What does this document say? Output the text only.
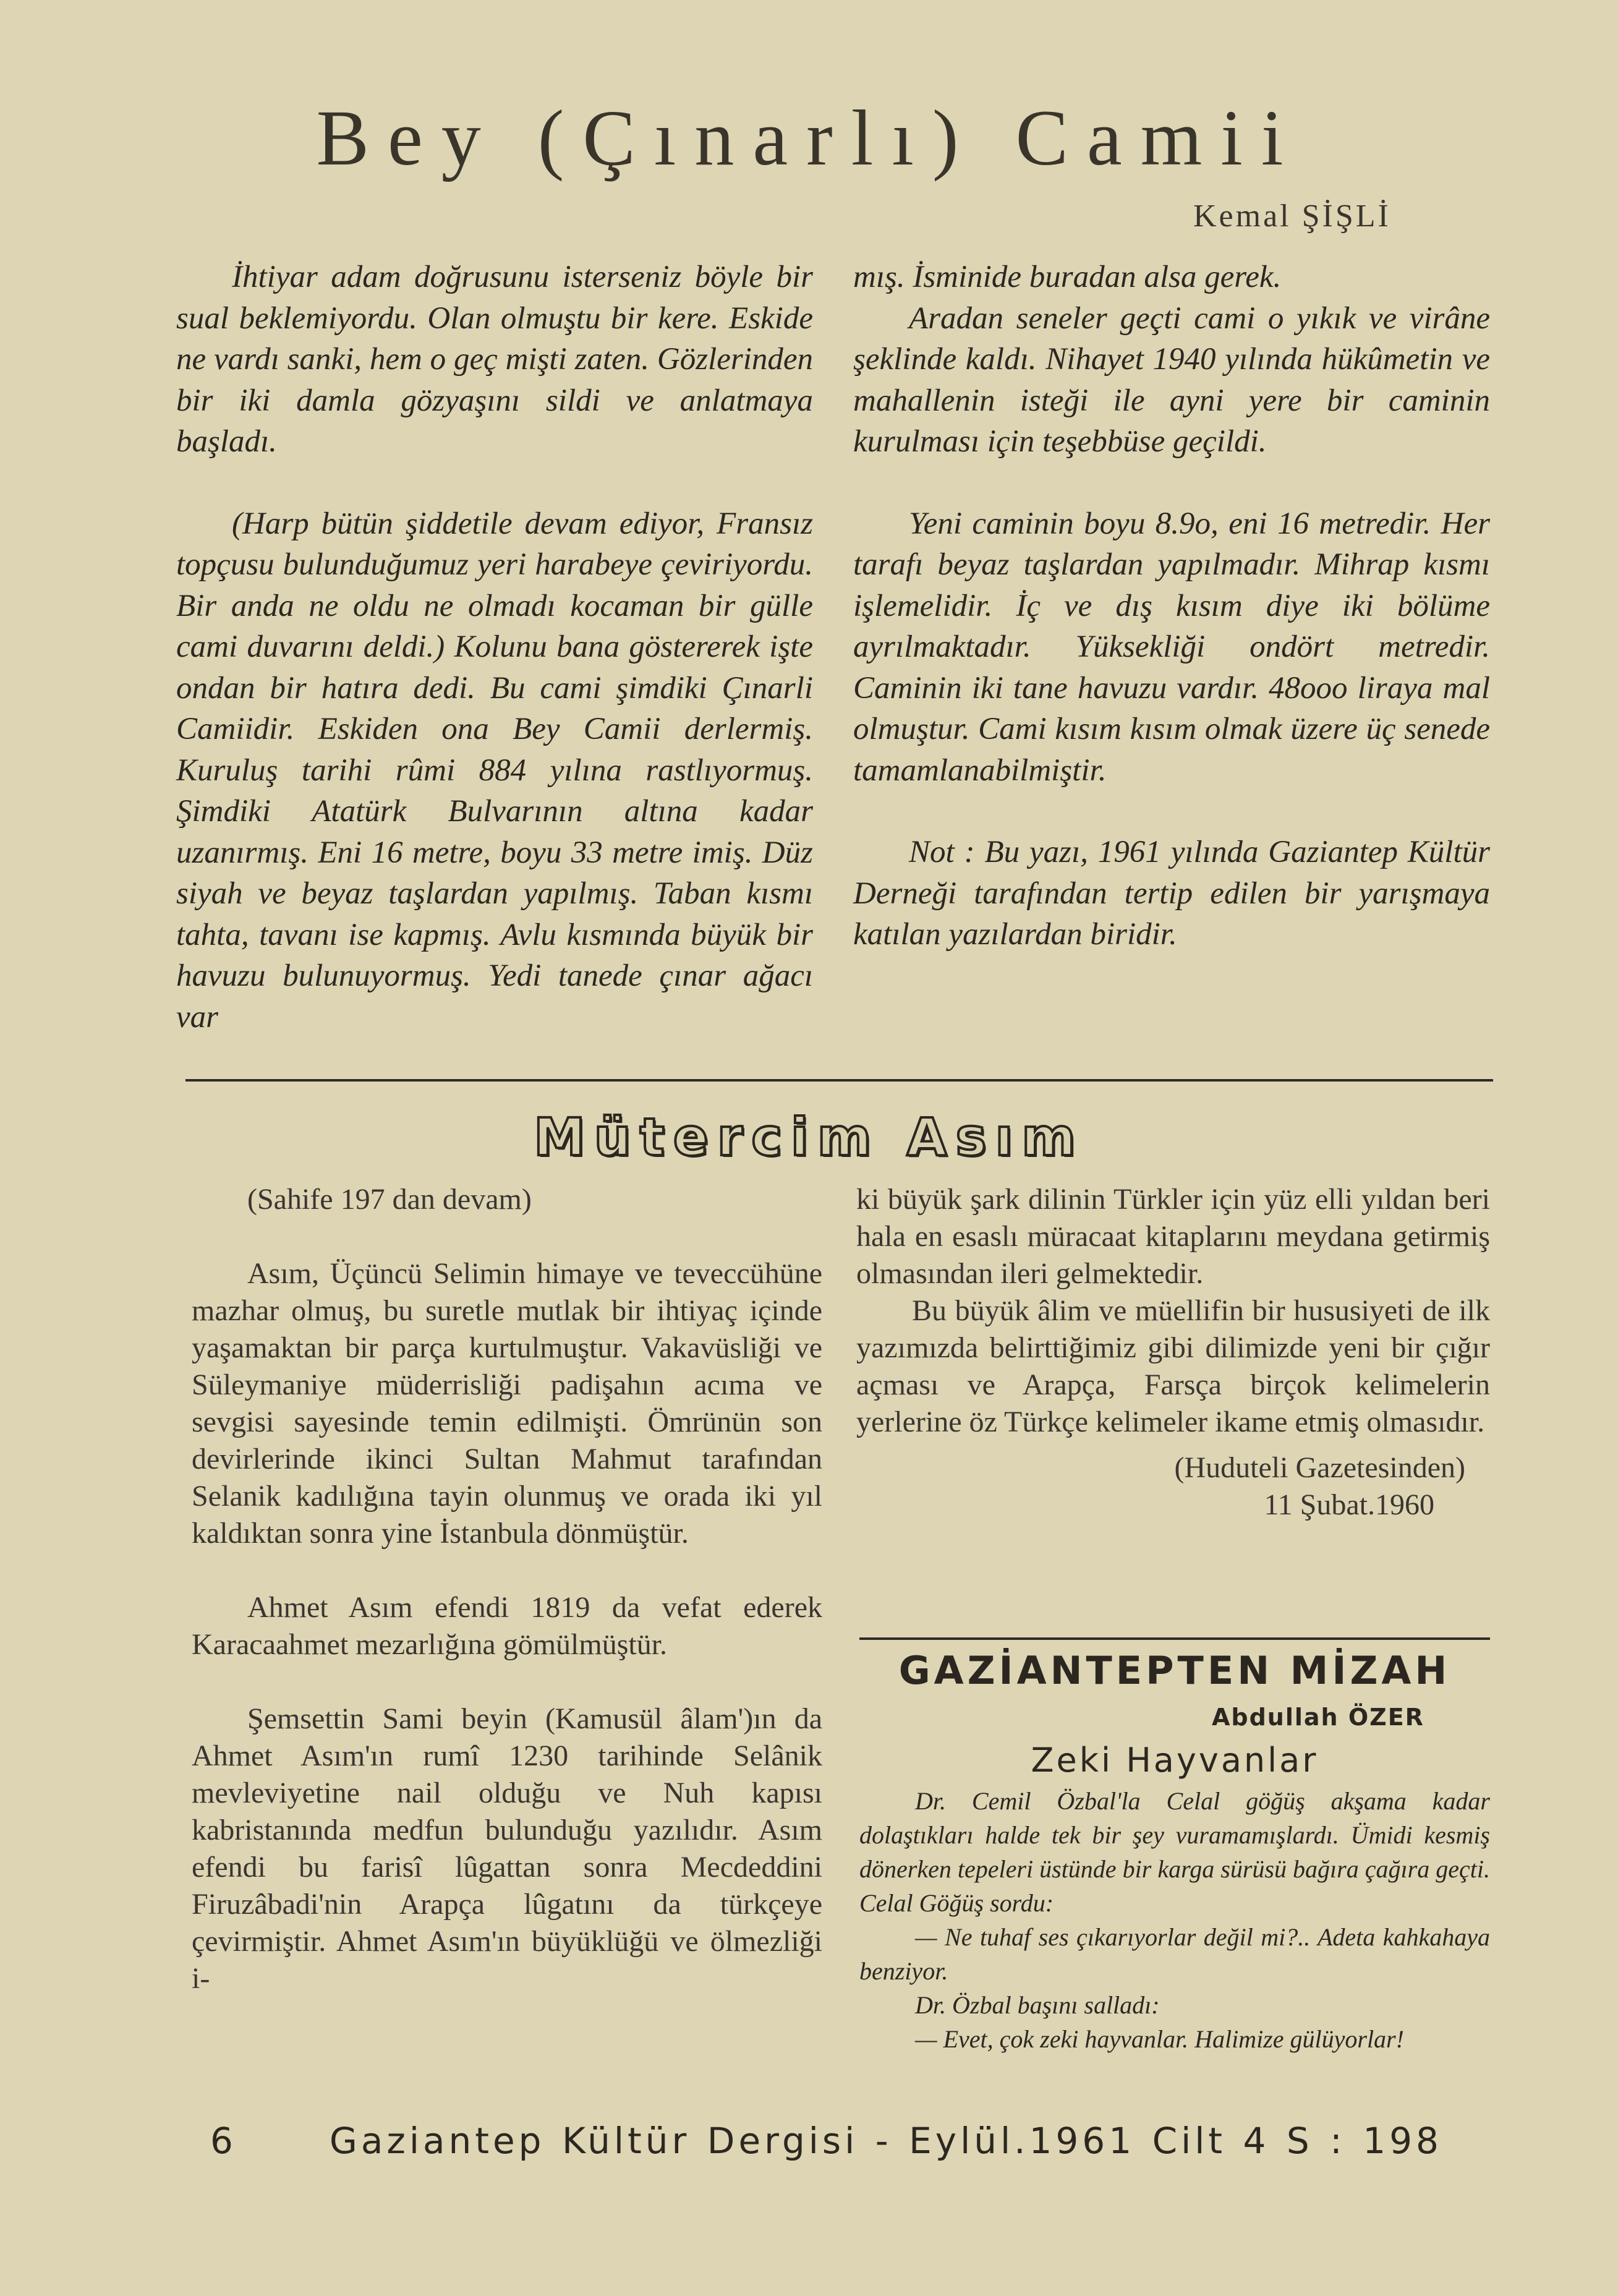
Bey (Çınarlı) Camii
Kemal ŞİŞLİ

İhtiyar adam doğrusunu isterseniz böyle bir sual beklemiyordu. Olan olmuştu bir kere. Eskide ne vardı sanki, hem o geç mişti zaten. Gözlerinden bir iki damla gözyaşını sildi ve anlatmaya başladı.

(Harp bütün şiddetile devam ediyor, Fransız topçusu bulunduğumuz yeri harabeye çeviriyordu. Bir anda ne oldu ne olmadı kocaman bir gülle cami duvarını deldi.) Kolunu bana göstererek işte ondan bir hatıra dedi. Bu cami şimdiki Çınarli Camiidir. Eskiden ona Bey Camii derlermiş. Kuruluş tarihi rûmi 884 yılına rastlıyormuş. Şimdiki Atatürk Bulvarının altına kadar uzanırmış. Eni 16 metre, boyu 33 metre imiş. Düz siyah ve beyaz taşlardan yapılmış. Taban kısmı tahta, tavanı ise kapmış. Avlu kısmında büyük bir havuzu bulunuyormuş. Yedi tanede çınar ağacı var

mış. İsminide buradan alsa gerek.

Aradan seneler geçti cami o yıkık ve virâne şeklinde kaldı. Nihayet 1940 yılında hükûmetin ve mahallenin isteği ile ayni yere bir caminin kurulması için teşebbüse geçildi.

Yeni caminin boyu 8.9o, eni 16 metredir. Her tarafı beyaz taşlardan yapılmadır. Mihrap kısmı işlemelidir. İç ve dış kısım diye iki bölüme ayrılmaktadır. Yüksekliği ondört metredir. Caminin iki tane havuzu vardır. 48ooo liraya mal olmuştur. Cami kısım kısım olmak üzere üç senede tamamlanabilmiştir.

Not : Bu yazı, 1961 yılında Gaziantep Kültür Derneği tarafından tertip edilen bir yarışmaya katılan yazılardan biridir.

Mütercim Asım

(Sahife 197 dan devam)

Asım, Üçüncü Selimin himaye ve teveccühüne mazhar olmuş, bu suretle mutlak bir ihtiyaç içinde yaşamaktan bir parça kurtulmuştur. Vakavüsliği ve Süleymaniye müderrisliği padişahın acıma ve sevgisi sayesinde temin edilmişti. Ömrünün son devirlerinde ikinci Sultan Mahmut tarafından Selanik kadılığına tayin olunmuş ve orada iki yıl kaldıktan sonra yine İstanbula dönmüştür.

Ahmet Asım efendi 1819 da vefat ederek Karacaahmet mezarlığına gömülmüştür.

Şemsettin Sami beyin (Kamusül âlam')ın da Ahmet Asım'ın rumî 1230 tarihinde Selânik mevleviyetine nail olduğu ve Nuh kapısı kabristanında medfun bulunduğu yazılıdır. Asım efendi bu farisî lûgattan sonra Mecdeddini Firuzâbadi'nin Arapça lûgatını da türkçeye çevirmiştir. Ahmet Asım'ın büyüklüğü ve ölmezliği i-

ki büyük şark dilinin Türkler için yüz elli yıldan beri hala en esaslı müracaat kitaplarını meydana getirmiş olmasından ileri gelmektedir.

Bu büyük âlim ve müellifin bir hususiyeti de ilk yazımızda belirttiğimiz gibi dilimizde yeni bir çığır açması ve Arapça, Farsça birçok kelimelerin yerlerine öz Türkçe kelimeler ikame etmiş olmasıdır.

(Huduteli Gazetesinden)

11 Şubat.1960

GAZİANTEPTEN MİZAH
Abdullah ÖZER
Zeki Hayvanlar

Dr. Cemil Özbal'la Celal göğüş akşama kadar dolaştıkları halde tek bir şey vuramamışlardı. Ümidi kesmiş dönerken tepeleri üstünde bir karga sürüsü bağıra çağıra geçti. Celal Göğüş sordu:

— Ne tuhaf ses çıkarıyorlar değil mi?.. Adeta kahkahaya benziyor.

Dr. Özbal başını salladı:

— Evet, çok zeki hayvanlar. Halimize gülüyorlar!

6	Gaziantep Kültür Dergisi - Eylül.1961 Cilt 4 S : 198
